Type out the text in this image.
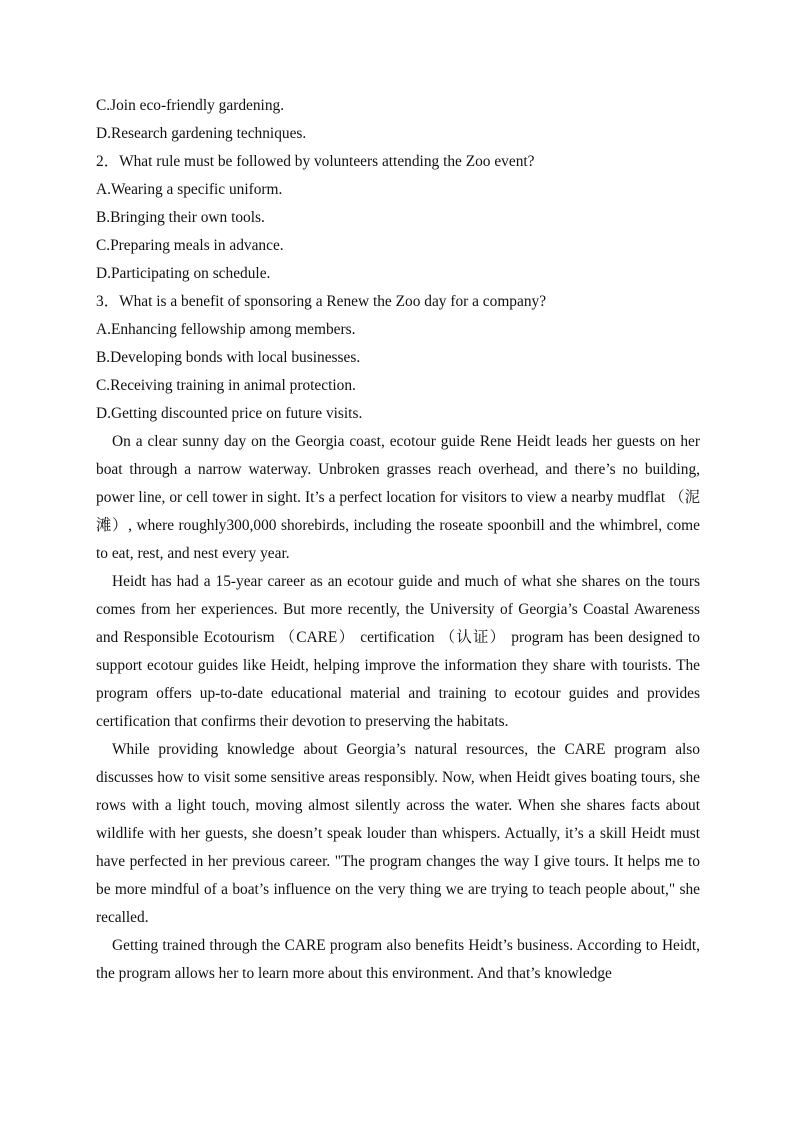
C.Join eco-friendly gardening.
D.Research gardening techniques.
2．What rule must be followed by volunteers attending the Zoo event?
A.Wearing a specific uniform.
B.Bringing their own tools.
C.Preparing meals in advance.
D.Participating on schedule.
3．What is a benefit of sponsoring a Renew the Zoo day for a company?
A.Enhancing fellowship among members.
B.Developing bonds with local businesses.
C.Receiving training in animal protection.
D.Getting discounted price on future visits.

On a clear sunny day on the Georgia coast, ecotour guide Rene Heidt leads her guests on her boat through a narrow waterway. Unbroken grasses reach overhead, and there’s no building, power line, or cell tower in sight. It’s a perfect location for visitors to view a nearby mudflat （泥滩）, where roughly300,000 shorebirds, including the roseate spoonbill and the whimbrel, come to eat, rest, and nest every year.

Heidt has had a 15-year career as an ecotour guide and much of what she shares on the tours comes from her experiences. But more recently, the University of Georgia’s Coastal Awareness and Responsible Ecotourism （CARE） certification （认证） program has been designed to support ecotour guides like Heidt, helping improve the information they share with tourists. The program offers up-to-date educational material and training to ecotour guides and provides certification that confirms their devotion to preserving the habitats.

While providing knowledge about Georgia’s natural resources, the CARE program also discusses how to visit some sensitive areas responsibly. Now, when Heidt gives boating tours, she rows with a light touch, moving almost silently across the water. When she shares facts about wildlife with her guests, she doesn’t speak louder than whispers. Actually, it’s a skill Heidt must have perfected in her previous career. "The program changes the way I give tours. It helps me to be more mindful of a boat’s influence on the very thing we are trying to teach people about," she recalled.

Getting trained through the CARE program also benefits Heidt’s business. According to Heidt, the program allows her to learn more about this environment. And that’s knowledge
